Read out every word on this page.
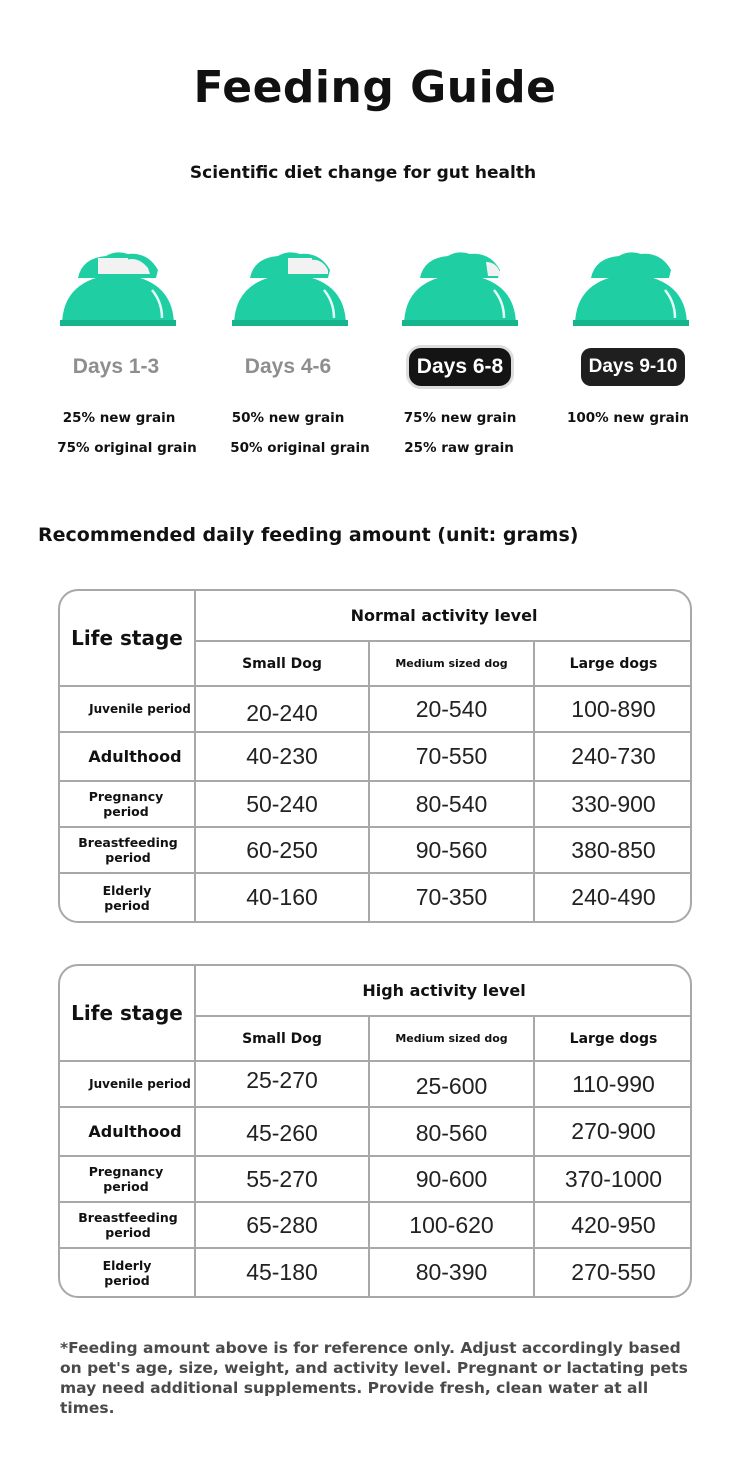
Feeding Guide
Scientific diet change for gut health
Days 1-3	Days 4-6	Days 6-8	Days 9-10
25% new grain
75% original grain
50% new grain
50% original grain
75% new grain
25% raw grain
100% new grain
Recommended daily feeding amount (unit: grams)
Life stage
Normal activity level
Small Dog	Medium sized dog	Large dogs
Juvenile period	20-240	20-540	100-890
Adulthood	40-230	70-550	240-730
Pregnancy period	50-240	80-540	330-900
Breastfeeding period	60-250	90-560	380-850
Elderly period	40-160	70-350	240-490
Life stage
High activity level
Small Dog	Medium sized dog	Large dogs
Juvenile period	25-270	25-600	110-990
Adulthood	45-260	80-560	270-900
Pregnancy period	55-270	90-600	370-1000
Breastfeeding period	65-280	100-620	420-950
Elderly period	45-180	80-390	270-550
*Feeding amount above is for reference only. Adjust accordingly based on pet's age, size, weight, and activity level. Pregnant or lactating pets may need additional supplements. Provide fresh, clean water at all times.
